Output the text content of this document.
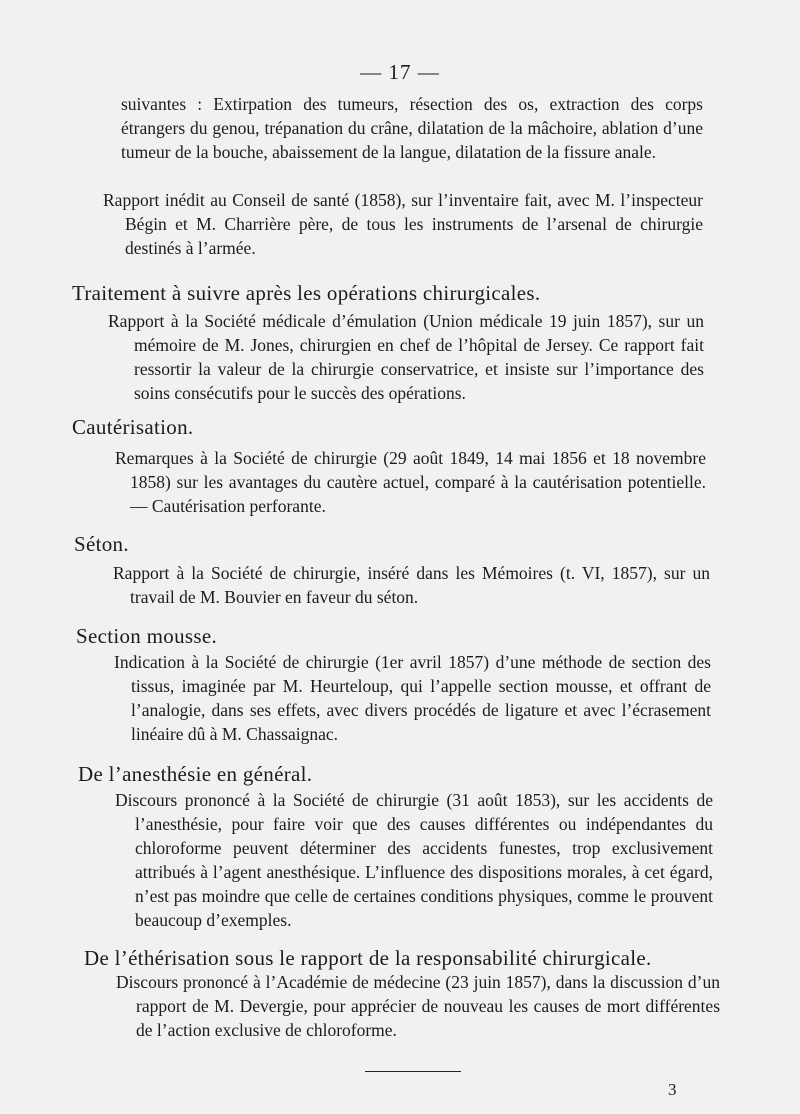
— 17 —

suivantes : Extirpation des tumeurs, résection des os, extraction des corps étrangers du genou, trépanation du crâne, dilatation de la mâchoire, ablation d’une tumeur de la bouche, abaissement de la langue, dilatation de la fissure anale.

Rapport inédit au Conseil de santé (1858), sur l’inventaire fait, avec M. l’inspecteur Bégin et M. Charrière père, de tous les instruments de l’arsenal de chirurgie destinés à l’armée.

Traitement à suivre après les opérations chirurgicales.

Rapport à la Société médicale d’émulation (Union médicale 19 juin 1857), sur un mémoire de M. Jones, chirurgien en chef de l’hôpital de Jersey. Ce rapport fait ressortir la valeur de la chirurgie conservatrice, et insiste sur l’importance des soins consécutifs pour le succès des opérations.

Cautérisation.

Remarques à la Société de chirurgie (29 août 1849, 14 mai 1856 et 18 novembre 1858) sur les avantages du cautère actuel, comparé à la cautérisation potentielle. — Cautérisation perforante.

Séton.

Rapport à la Société de chirurgie, inséré dans les Mémoires (t. VI, 1857), sur un travail de M. Bouvier en faveur du séton.

Section mousse.

Indication à la Société de chirurgie (1er avril 1857) d’une méthode de section des tissus, imaginée par M. Heurteloup, qui l’appelle section mousse, et offrant de l’analogie, dans ses effets, avec divers procédés de ligature et avec l’écrasement linéaire dû à M. Chassaignac.

De l’anesthésie en général.

Discours prononcé à la Société de chirurgie (31 août 1853), sur les accidents de l’anesthésie, pour faire voir que des causes différentes ou indépendantes du chloroforme peuvent déterminer des accidents funestes, trop exclusivement attribués à l’agent anesthésique. L’influence des dispositions morales, à cet égard, n’est pas moindre que celle de certaines conditions physiques, comme le prouvent beaucoup d’exemples.

De l’éthérisation sous le rapport de la responsabilité chirurgicale.

Discours prononcé à l’Académie de médecine (23 juin 1857), dans la discussion d’un rapport de M. Devergie, pour apprécier de nouveau les causes de mort différentes de l’action exclusive de chloroforme.

3
